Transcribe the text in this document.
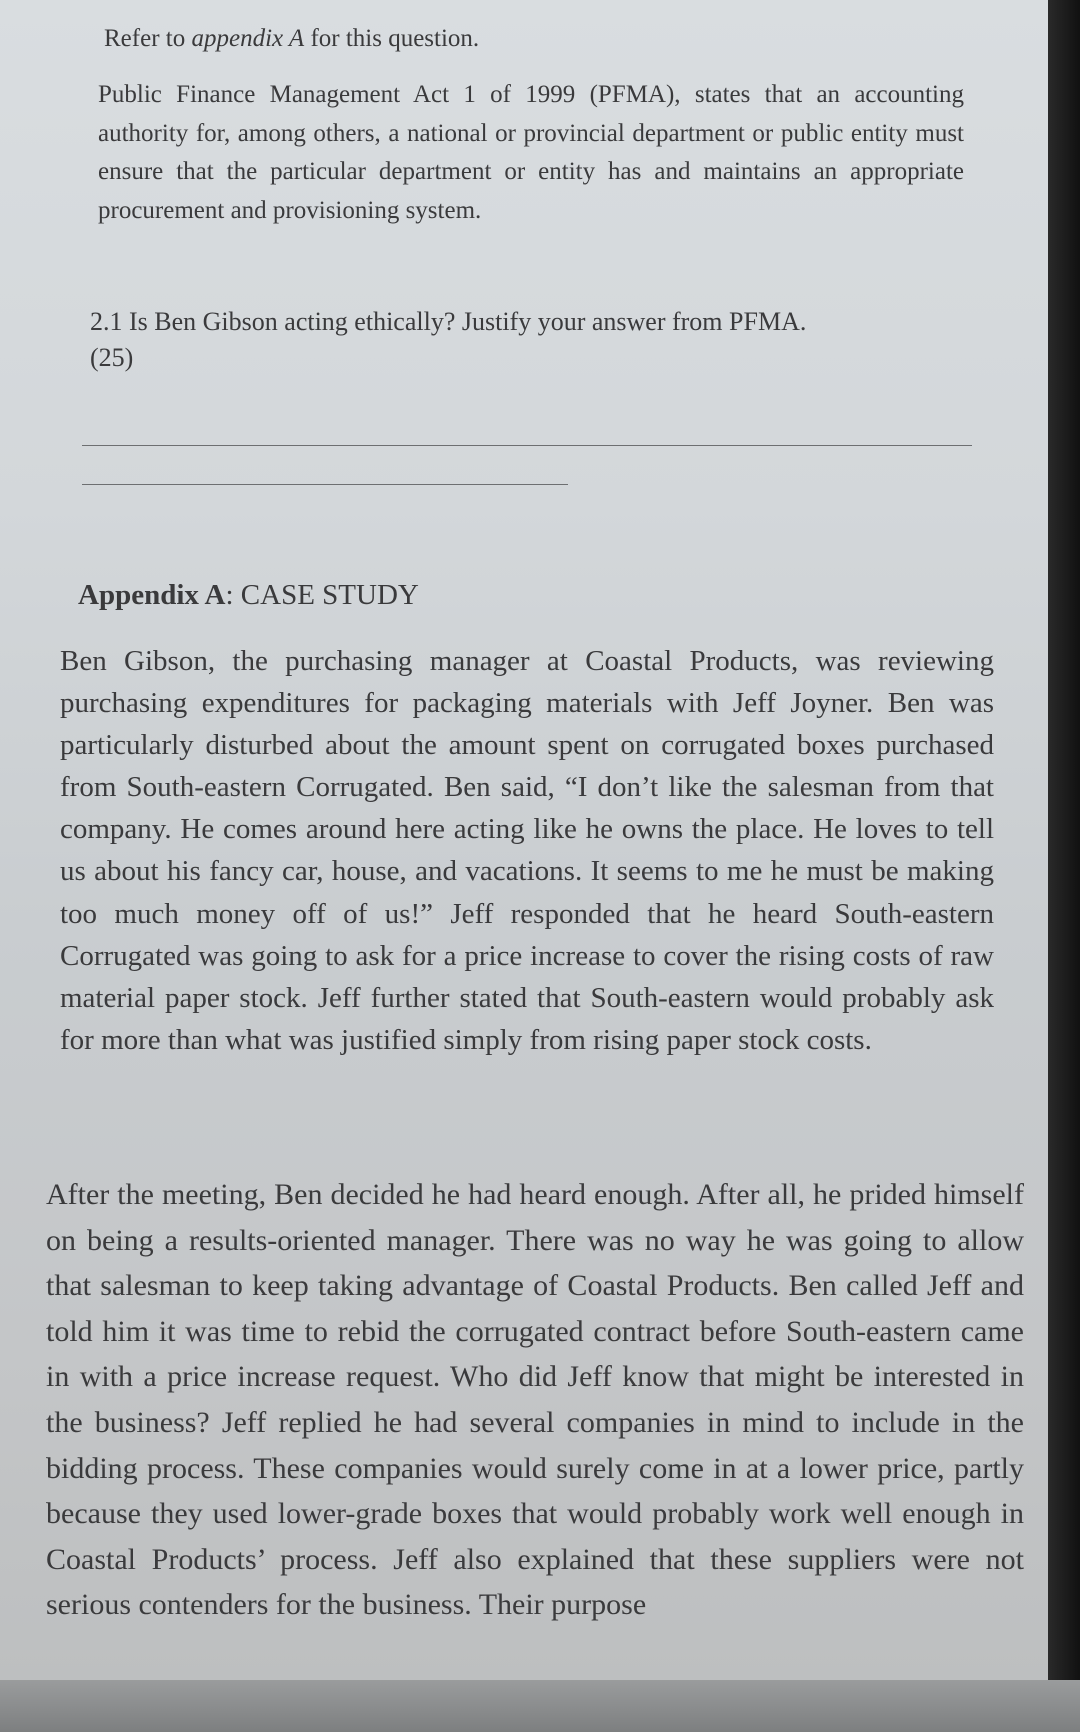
Refer to appendix A for this question.

Public Finance Management Act 1 of 1999 (PFMA), states that an accounting authority for, among others, a national or provincial department or public entity must ensure that the particular department or entity has and maintains an appropriate procurement and provisioning system.

2.1 Is Ben Gibson acting ethically? Justify your answer from PFMA.
(25)
Appendix A: CASE STUDY

Ben Gibson, the purchasing manager at Coastal Products, was reviewing purchasing expenditures for packaging materials with Jeff Joyner. Ben was particularly disturbed about the amount spent on corrugated boxes purchased from South-eastern Corrugated. Ben said, “I don’t like the salesman from that company. He comes around here acting like he owns the place. He loves to tell us about his fancy car, house, and vacations. It seems to me he must be making too much money off of us!” Jeff responded that he heard South-eastern Corrugated was going to ask for a price increase to cover the rising costs of raw material paper stock. Jeff further stated that South-eastern would probably ask for more than what was justified simply from rising paper stock costs.

After the meeting, Ben decided he had heard enough. After all, he prided himself on being a results-oriented manager. There was no way he was going to allow that salesman to keep taking advantage of Coastal Products. Ben called Jeff and told him it was time to rebid the corrugated contract before South-eastern came in with a price increase request. Who did Jeff know that might be interested in the business? Jeff replied he had several companies in mind to include in the bidding process. These companies would surely come in at a lower price, partly because they used lower-grade boxes that would probably work well enough in Coastal Products’ process. Jeff also explained that these suppliers were not serious contenders for the business. Their purpose
